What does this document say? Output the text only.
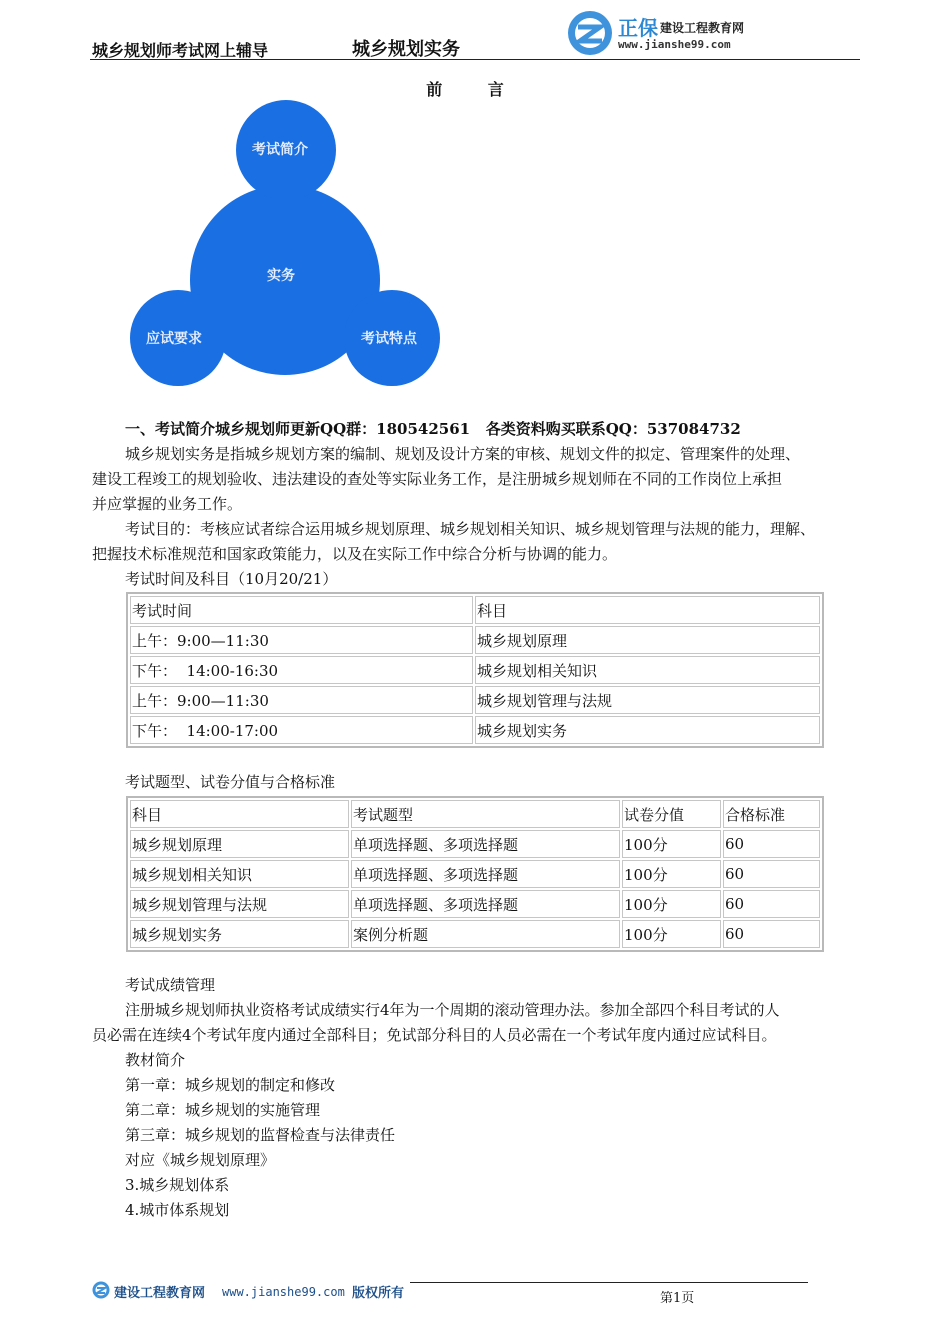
城乡规划师考试网上辅导	城乡规划实务
正保 建设工程教育网
www.jianshe99.com
前 言
考试简介
实务
应试要求	考试特点
一、考试简介城乡规划师更新QQ群：180542561   各类资料购买联系QQ：537084732
城乡规划实务是指城乡规划方案的编制、规划及设计方案的审核、规划文件的拟定、管理案件的处理、
建设工程竣工的规划验收、违法建设的查处等实际业务工作，是注册城乡规划师在不同的工作岗位上承担
并应掌握的业务工作。
考试目的：考核应试者综合运用城乡规划原理、城乡规划相关知识、城乡规划管理与法规的能力，理解、
把握技术标准规范和国家政策能力，以及在实际工作中综合分析与协调的能力。
考试时间及科目（10月20/21）
考试时间	科目
上午：9:00—11:30	城乡规划原理
下午：  14:00-16:30	城乡规划相关知识
上午：9:00—11:30	城乡规划管理与法规
下午：  14:00-17:00	城乡规划实务
考试题型、试卷分值与合格标准
科目	考试题型	试卷分值	合格标准
城乡规划原理	单项选择题、多项选择题	100分	60
城乡规划相关知识	单项选择题、多项选择题	100分	60
城乡规划管理与法规	单项选择题、多项选择题	100分	60
城乡规划实务	案例分析题	100分	60
考试成绩管理
注册城乡规划师执业资格考试成绩实行4年为一个周期的滚动管理办法。参加全部四个科目考试的人
员必需在连续4个考试年度内通过全部科目；免试部分科目的人员必需在一个考试年度内通过应试科目。
教材简介
第一章：城乡规划的制定和修改
第二章：城乡规划的实施管理
第三章：城乡规划的监督检查与法律责任
对应《城乡规划原理》
3.城乡规划体系
4.城市体系规划
建设工程教育网 www.jianshe99.com 版权所有	第1页
